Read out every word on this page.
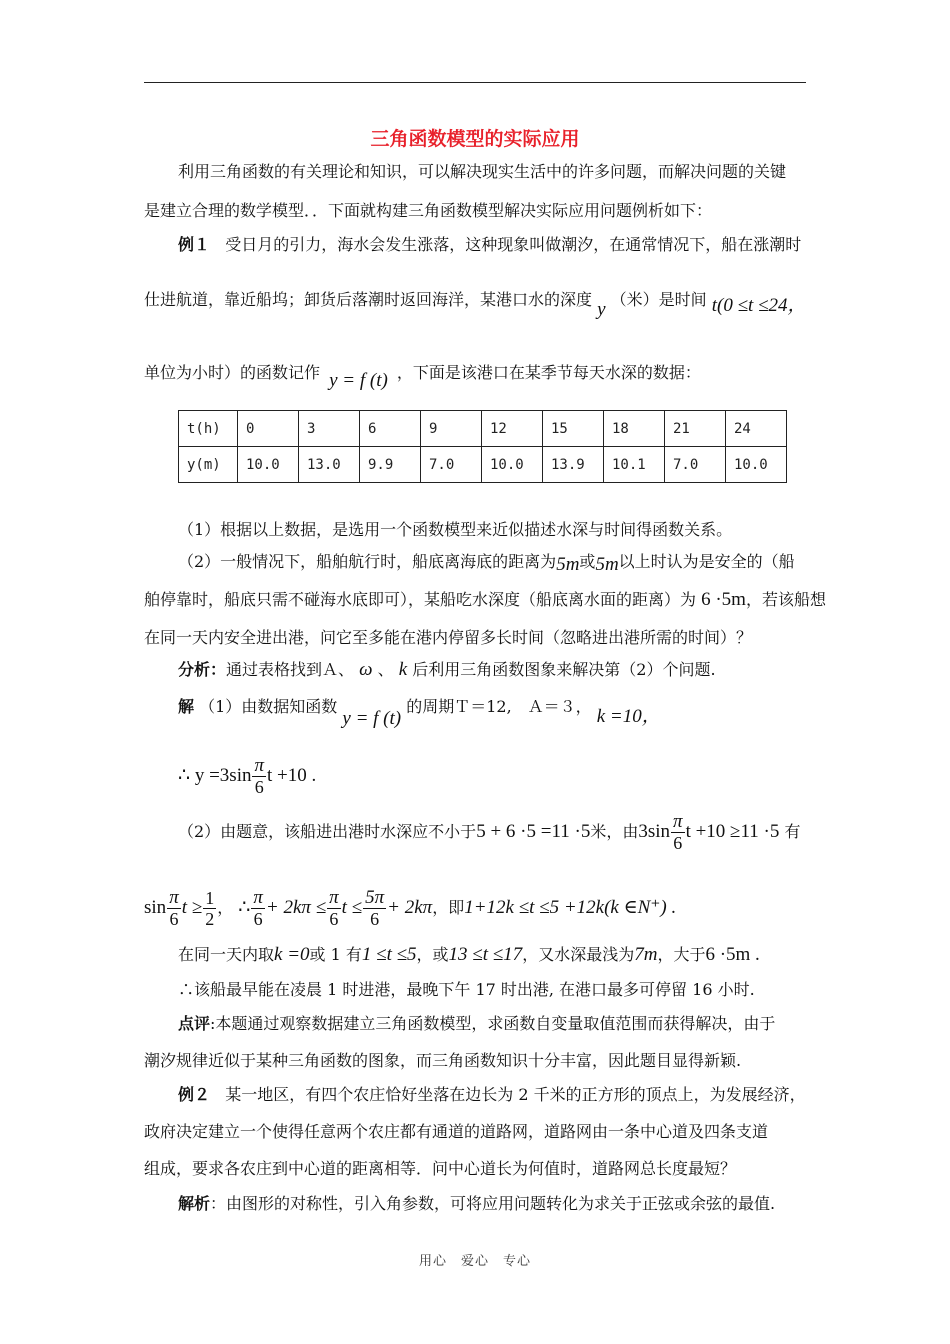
三角函数模型的实际应用
利用三角函数的有关理论和知识，可以解决现实生活中的许多问题，而解决问题的关键
是建立合理的数学模型．．下面就构建三角函数模型解决实际应用问题例析如下：
例１ 受日月的引力，海水会发生涨落，这种现象叫做潮汐，在通常情况下，船在涨潮时
仕进航道，靠近船坞；卸货后落潮时返回海洋，某港口水的深度 y （米）是时间 t(0 ≤t ≤24，
单位为小时）的函数记作 y = f (t) ，下面是该港口在某季节每天水深的数据：
t(h)	0	3	6	9	12	15	18	21	24
y(m)	10.0	13.0	9.9	7.0	10.0	13.9	10.1	7.0	10.0
（1）根据以上数据，是选用一个函数模型来近似描述水深与时间得函数关系。
（2）一般情况下，船舶航行时，船底离海底的距离为5m或5m以上时认为是安全的（船
舶停靠时，船底只需不碰海水底即可），某船吃水深度（船底离水面的距离）为 6 ·5m，若该船想
在同一天内安全进出港，问它至多能在港内停留多长时间（忽略进出港所需的时间）？
分析：通过表格找到Ａ、 ω 、 k 后利用三角函数图象来解决第（2）个问题.
解 （1）由数据知函数 y = f (t) 的周期Ｔ＝12,　Ａ＝３， k =10，
∴ $y =3\sin \frac{\pi}{6}$ t +10 .
（2）由题意，该船进出港时水深应不小于5 + 6 ·5 =11 ·5米，由$3\sin \frac{\pi}{6}$ t +10 ≥11 ·5 有
$\sin \frac{\pi}{6}$ $t \ge \frac{1}{2}$ ， ∴ $\frac{\pi}{6} + 2k\pi \le \frac{\pi}{6}$ $t \le \frac{5\pi}{6} + 2k\pi$，即1+12k ≤t ≤5 +12k(k ∈N⁺) .
在同一天内取k =0或 1 有1 ≤t ≤5，或13 ≤t ≤17，又水深最浅为7m，大于6 ·5m .
∴该船最早能在凌晨 1 时进港，最晚下午 17 时出港, 在港口最多可停留 16 小时.
点评:本题通过观察数据建立三角函数模型，求函数自变量取值范围而获得解决，由于
潮汐规律近似于某种三角函数的图象，而三角函数知识十分丰富，因此题目显得新颖.
例２ 某一地区，有四个农庄恰好坐落在边长为 2 千米的正方形的顶点上，为发展经济，
政府决定建立一个使得任意两个农庄都有通道的道路网，道路网由一条中心道及四条支道
组成，要求各农庄到中心道的距离相等．问中心道长为何值时，道路网总长度最短？
解析：由图形的对称性，引入角参数，可将应用问题转化为求关于正弦或余弦的最值.
用心　爱心　专心
